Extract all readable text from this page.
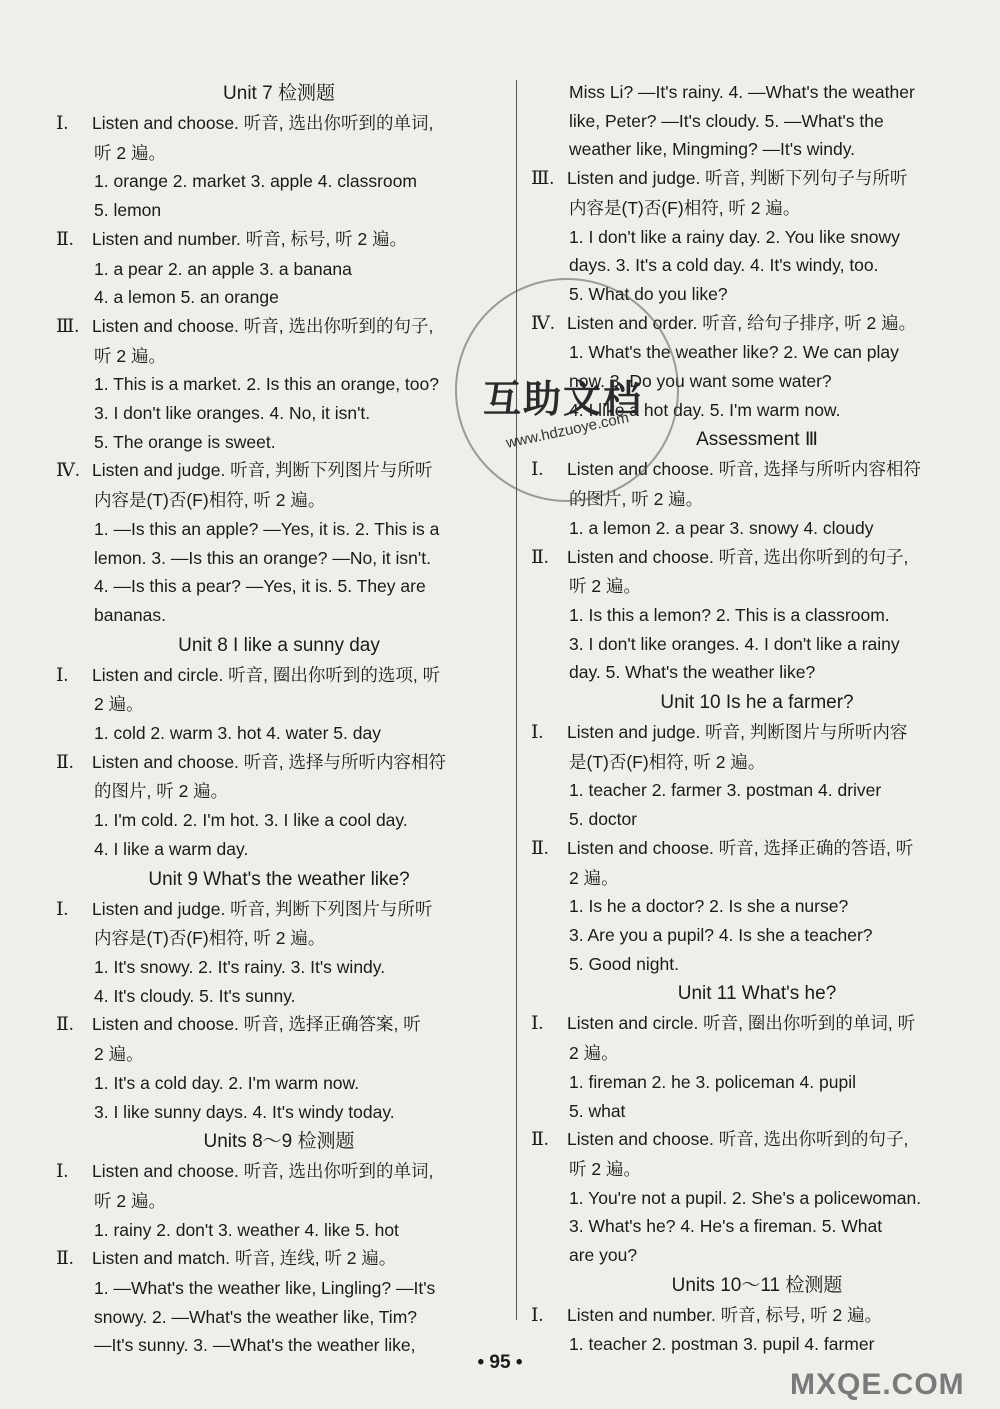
Unit 7 检测题
Ⅰ. Listen and choose. 听音, 选出你听到的单词,
听 2 遍。
1. orange 2. market 3. apple 4. classroom
5. lemon
Ⅱ. Listen and number. 听音, 标号, 听 2 遍。
1. a pear 2. an apple 3. a banana
4. a lemon 5. an orange
Ⅲ. Listen and choose. 听音, 选出你听到的句子,
听 2 遍。
1. This is a market. 2. Is this an orange, too?
3. I don't like oranges. 4. No, it isn't.
5. The orange is sweet.
Ⅳ. Listen and judge. 听音, 判断下列图片与所听
内容是(T)否(F)相符, 听 2 遍。
1. —Is this an apple? —Yes, it is. 2. This is a
lemon. 3. —Is this an orange? —No, it isn't.
4. —Is this a pear? —Yes, it is. 5. They are
bananas.
Unit 8 I like a sunny day
Ⅰ. Listen and circle. 听音, 圈出你听到的选项, 听
2 遍。
1. cold 2. warm 3. hot 4. water 5. day
Ⅱ. Listen and choose. 听音, 选择与所听内容相符
的图片, 听 2 遍。
1. I'm cold. 2. I'm hot. 3. I like a cool day.
4. I like a warm day.
Unit 9 What's the weather like?
Ⅰ. Listen and judge. 听音, 判断下列图片与所听
内容是(T)否(F)相符, 听 2 遍。
1. It's snowy. 2. It's rainy. 3. It's windy.
4. It's cloudy. 5. It's sunny.
Ⅱ. Listen and choose. 听音, 选择正确答案, 听
2 遍。
1. It's a cold day. 2. I'm warm now.
3. I like sunny days. 4. It's windy today.
Units 8～9 检测题
Ⅰ. Listen and choose. 听音, 选出你听到的单词,
听 2 遍。
1. rainy 2. don't 3. weather 4. like 5. hot
Ⅱ. Listen and match. 听音, 连线, 听 2 遍。
1. —What's the weather like, Lingling? —It's
snowy. 2. —What's the weather like, Tim?
—It's sunny. 3. —What's the weather like,
Miss Li? —It's rainy. 4. —What's the weather
like, Peter? —It's cloudy. 5. —What's the
weather like, Mingming? —It's windy.
Ⅲ. Listen and judge. 听音, 判断下列句子与所听
内容是(T)否(F)相符, 听 2 遍。
1. I don't like a rainy day. 2. You like snowy
days. 3. It's a cold day. 4. It's windy, too.
5. What do you like?
Ⅳ. Listen and order. 听音, 给句子排序, 听 2 遍。
1. What's the weather like? 2. We can play
now. 3. Do you want some water?
4. I like a hot day. 5. I'm warm now.
Assessment Ⅲ
Ⅰ. Listen and choose. 听音, 选择与所听内容相符
的图片, 听 2 遍。
1. a lemon 2. a pear 3. snowy 4. cloudy
Ⅱ. Listen and choose. 听音, 选出你听到的句子,
听 2 遍。
1. Is this a lemon? 2. This is a classroom.
3. I don't like oranges. 4. I don't like a rainy
day. 5. What's the weather like?
Unit 10 Is he a farmer?
Ⅰ. Listen and judge. 听音, 判断图片与所听内容
是(T)否(F)相符, 听 2 遍。
1. teacher 2. farmer 3. postman 4. driver
5. doctor
Ⅱ. Listen and choose. 听音, 选择正确的答语, 听
2 遍。
1. Is he a doctor? 2. Is she a nurse?
3. Are you a pupil? 4. Is she a teacher?
5. Good night.
Unit 11 What's he?
Ⅰ. Listen and circle. 听音, 圈出你听到的单词, 听
2 遍。
1. fireman 2. he 3. policeman 4. pupil
5. what
Ⅱ. Listen and choose. 听音, 选出你听到的句子,
听 2 遍。
1. You're not a pupil. 2. She's a policewoman.
3. What's he? 4. He's a fireman. 5. What
are you?
Units 10～11 检测题
Ⅰ. Listen and number. 听音, 标号, 听 2 遍。
1. teacher 2. postman 3. pupil 4. farmer
互助文档
www.hdzuoye.com
MXQE.COM
• 95 •
